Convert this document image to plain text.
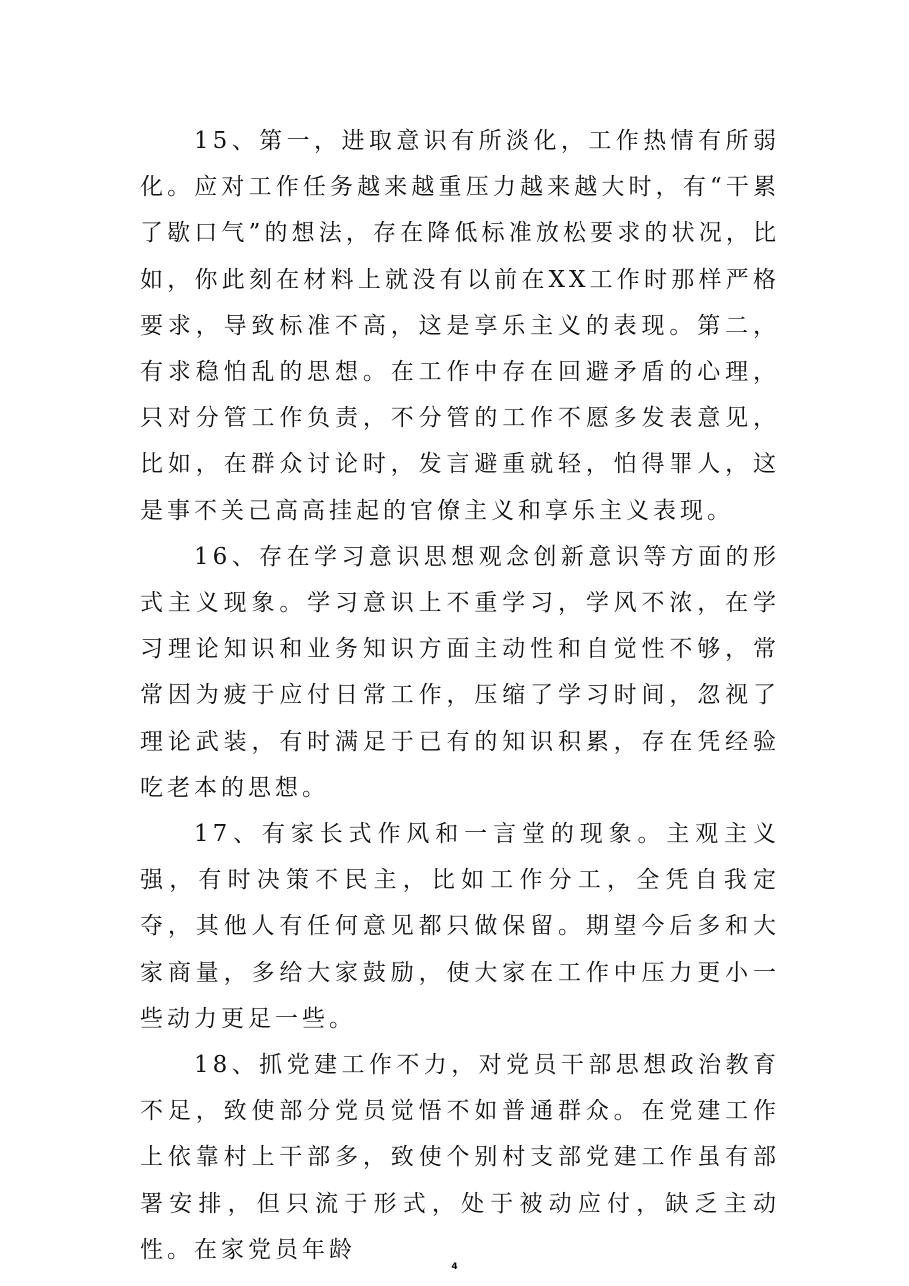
15、第一，进取意识有所淡化，工作热情有所弱化。应对工作任务越来越重压力越来越大时，有“干累了歇口气”的想法，存在降低标准放松要求的状况，比如，你此刻在材料上就没有以前在XX工作时那样严格要求，导致标准不高，这是享乐主义的表现。第二，有求稳怕乱的思想。在工作中存在回避矛盾的心理，只对分管工作负责，不分管的工作不愿多发表意见，比如，在群众讨论时，发言避重就轻，怕得罪人，这是事不关己高高挂起的官僚主义和享乐主义表现。

16、存在学习意识思想观念创新意识等方面的形式主义现象。学习意识上不重学习，学风不浓，在学习理论知识和业务知识方面主动性和自觉性不够，常常因为疲于应付日常工作，压缩了学习时间，忽视了理论武装，有时满足于已有的知识积累，存在凭经验吃老本的思想。

17、有家长式作风和一言堂的现象。主观主义强，有时决策不民主，比如工作分工，全凭自我定夺，其他人有任何意见都只做保留。期望今后多和大家商量，多给大家鼓励，使大家在工作中压力更小一些动力更足一些。

18、抓党建工作不力，对党员干部思想政治教育不足，致使部分党员觉悟不如普通群众。在党建工作上依靠村上干部多，致使个别村支部党建工作虽有部署安排，但只流于形式，处于被动应付，缺乏主动性。在家党员年龄

4
